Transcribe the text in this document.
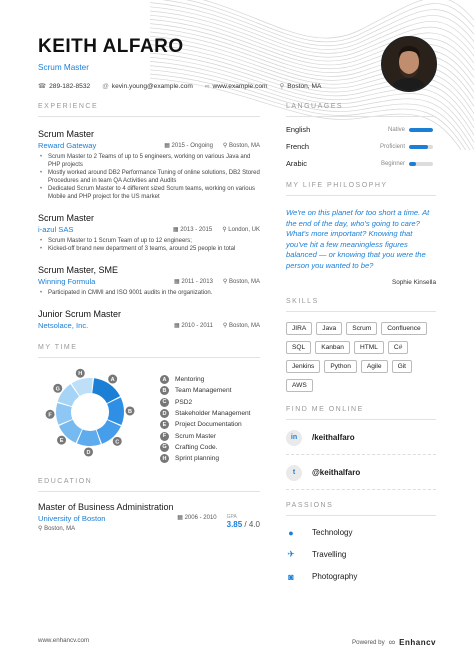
KEITH ALFARO
Scrum Master
☎ 289-182-8532 @ kevin.young@example.com ∞ www.example.com ⚲ Boston, MA
EXPERIENCE
Scrum Master
Reward Gateway	▦ 2015 - Ongoing ⚲ Boston, MA
• Scrum Master to 2 Teams of up to 5 engineers, working on various Java and PHP projects
• Mostly worked around DB2 Performance Tuning of online solutions, DB2 Stored Procedures and in team QA Activities and Audits
• Dedicated Scrum Master to 4 different sized Scrum teams, working on various Mobile and PHP project for the US market
Scrum Master
i-azul SAS	▦ 2013 - 2015 ⚲ London, UK
• Scrum Master to 1 Scrum Team of up to 12 engineers;
• Kicked-off brand new department of 3 teams, around 25 people in total
Scrum Master, SME
Winning Formula	▦ 2011 - 2013 ⚲ Boston, MA
• Participated in CMMI and ISO 9001 audits in the organization.
Junior Scrum Master
Netsolace, Inc.	▦ 2010 - 2011 ⚲ Boston, MA
MY TIME
A
B
C
D
E
F
G
H
A	Mentoring
B	Team Management
C	PSD2
D	Stakeholder Management
E	Project Documentation
F	Scrum Master
G	Crafting Code.
H	Sprint planning
EDUCATION
Master of Business Administration
University of Boston
⚲ Boston, MA
▦ 2006 - 2010 GPA
3.85 / 4.0
LANGUAGES
English	Native
French	Proficient
Arabic	Beginner
MY LIFE PHILOSOPHY
We're on this planet for too short a time. At the end of the day, who's going to care? What's more important? Knowing that you've hit a few meaningless figures balanced — or knowing that you were the person you wanted to be?
Sophie Kinsella
SKILLS
JIRA	Java	Scrum	Confluence
SQL	Kanban	HTML	C#
Jenkins	Python	Agile	Git
AWS
FIND ME ONLINE
in	/keithalfaro
t	@keithalfaro
PASSIONS
● Technology
✈ Travelling
◙ Photography
www.enhancv.com	Powered by ∞ Enhancv
